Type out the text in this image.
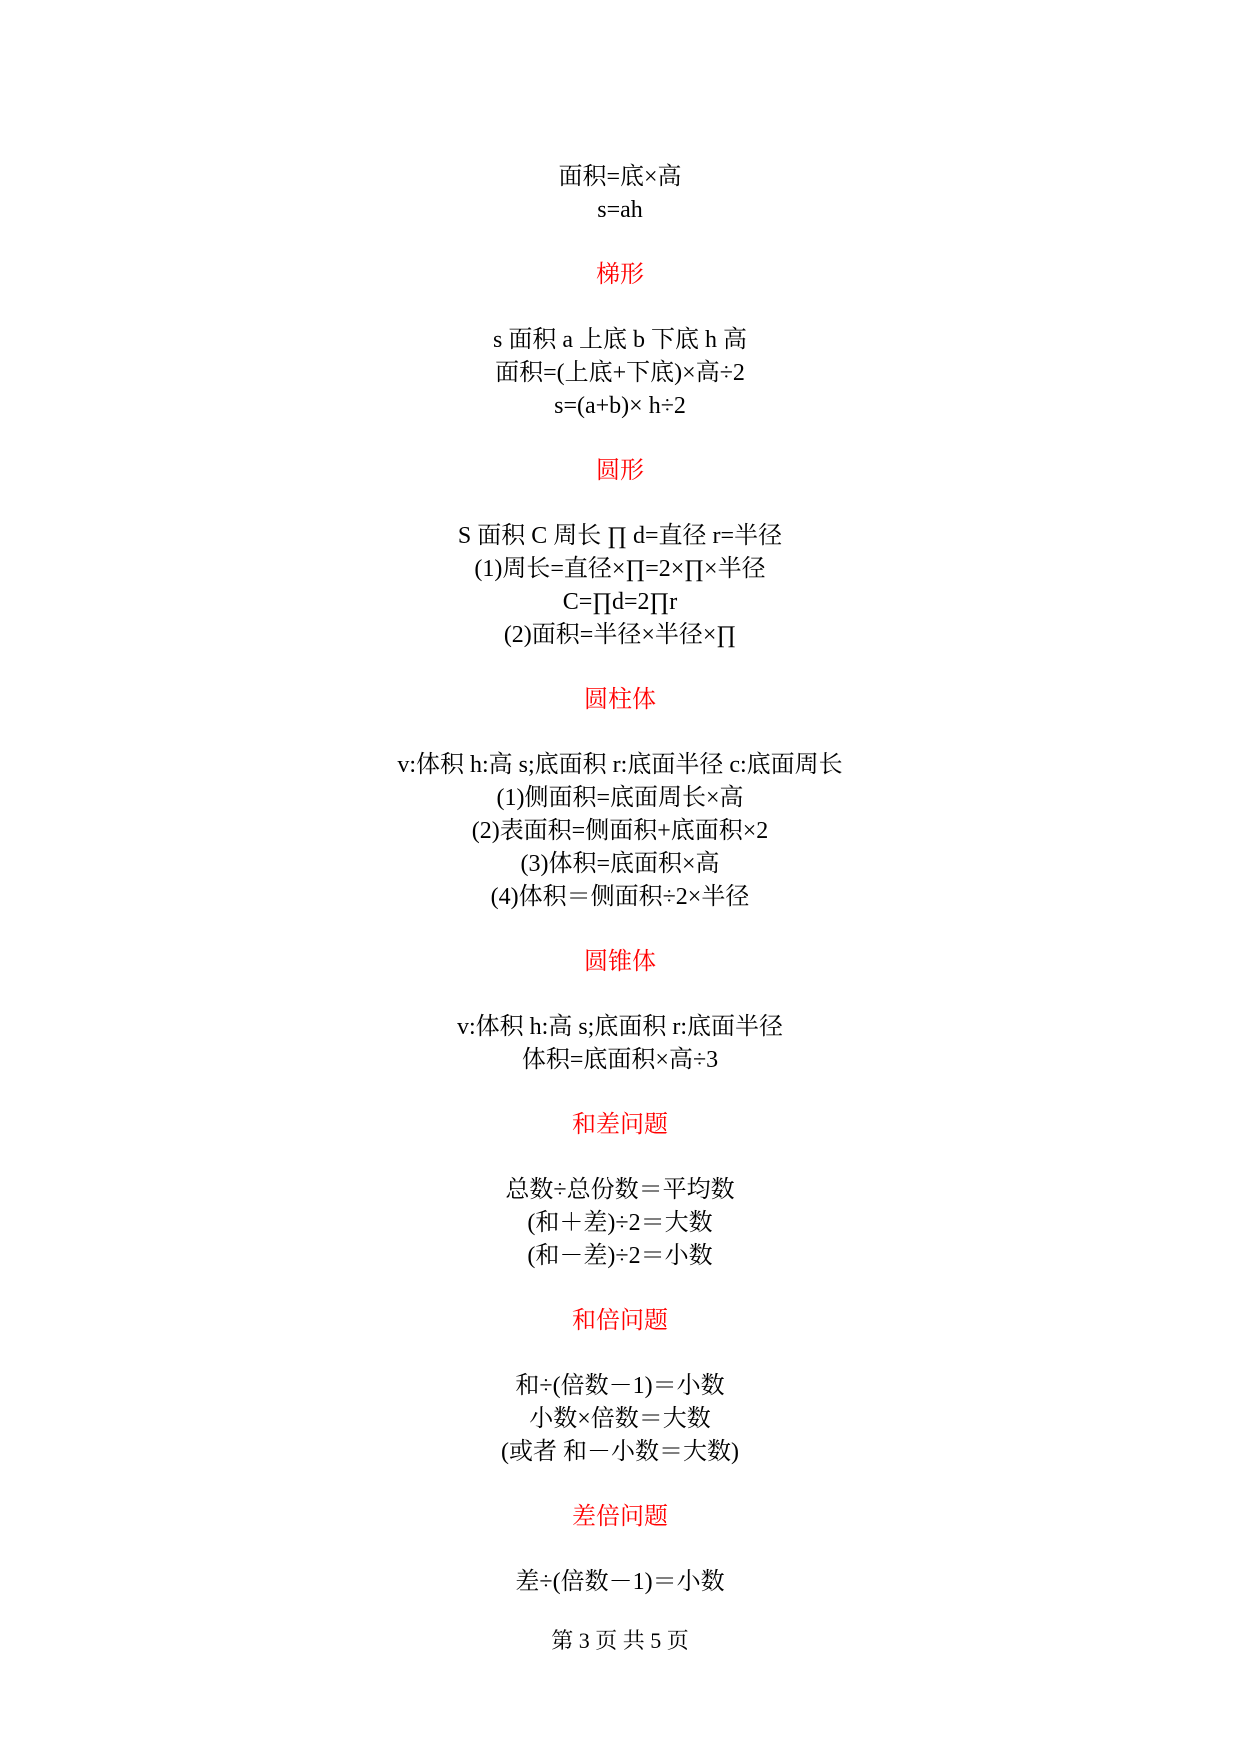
面积=底×高
s=ah
梯形
s 面积 a 上底 b 下底 h 高
面积=(上底+下底)×高÷2
s=(a+b)× h÷2
圆形
S 面积 C 周长 ∏ d=直径 r=半径
(1)周长=直径×∏=2×∏×半径
C=∏d=2∏r
(2)面积=半径×半径×∏
圆柱体
v:体积 h:高 s;底面积 r:底面半径 c:底面周长
(1)侧面积=底面周长×高
(2)表面积=侧面积+底面积×2
(3)体积=底面积×高
(4)体积＝侧面积÷2×半径
圆锥体
v:体积 h:高 s;底面积 r:底面半径
体积=底面积×高÷3
和差问题
总数÷总份数＝平均数
(和＋差)÷2＝大数
(和－差)÷2＝小数
和倍问题
和÷(倍数－1)＝小数
小数×倍数＝大数
(或者 和－小数＝大数)
差倍问题
差÷(倍数－1)＝小数
第 3 页 共 5 页
